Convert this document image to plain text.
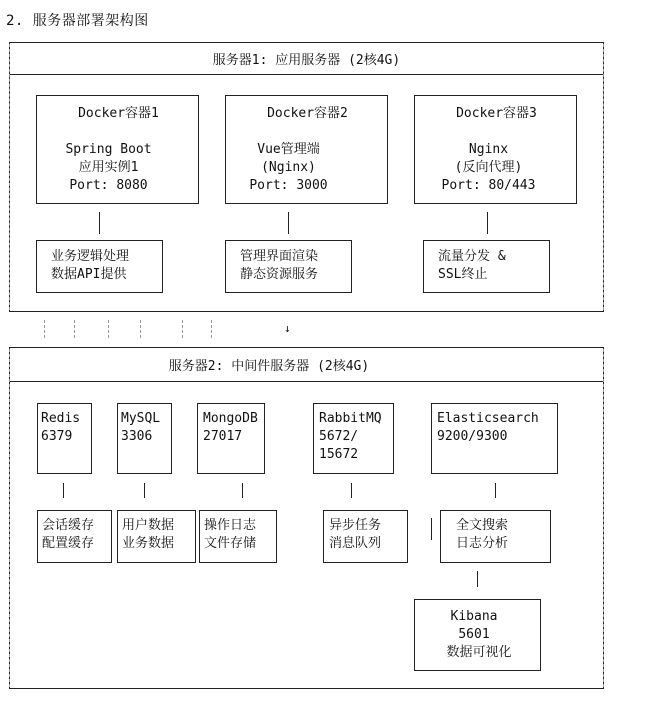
2. 服务器部署架构图
服务器1: 应用服务器 (2核4G)
Docker容器1
Spring Boot
应用实例1
Port: 8080
业务逻辑处理
数据API提供
Docker容器2
Vue管理端
(Nginx)
Port: 3000
管理界面渲染
静态资源服务
Docker容器3
Nginx
(反向代理)
Port: 80/443
流量分发 &
SSL终止
↓
服务器2: 中间件服务器 (2核4G)
Redis
6379
会话缓存
配置缓存
MySQL
3306
用户数据
业务数据
MongoDB
27017
操作日志
文件存储
RabbitMQ
5672/
15672
异步任务
消息队列
Elasticsearch
9200/9300
全文搜索
日志分析
Kibana
5601
数据可视化
